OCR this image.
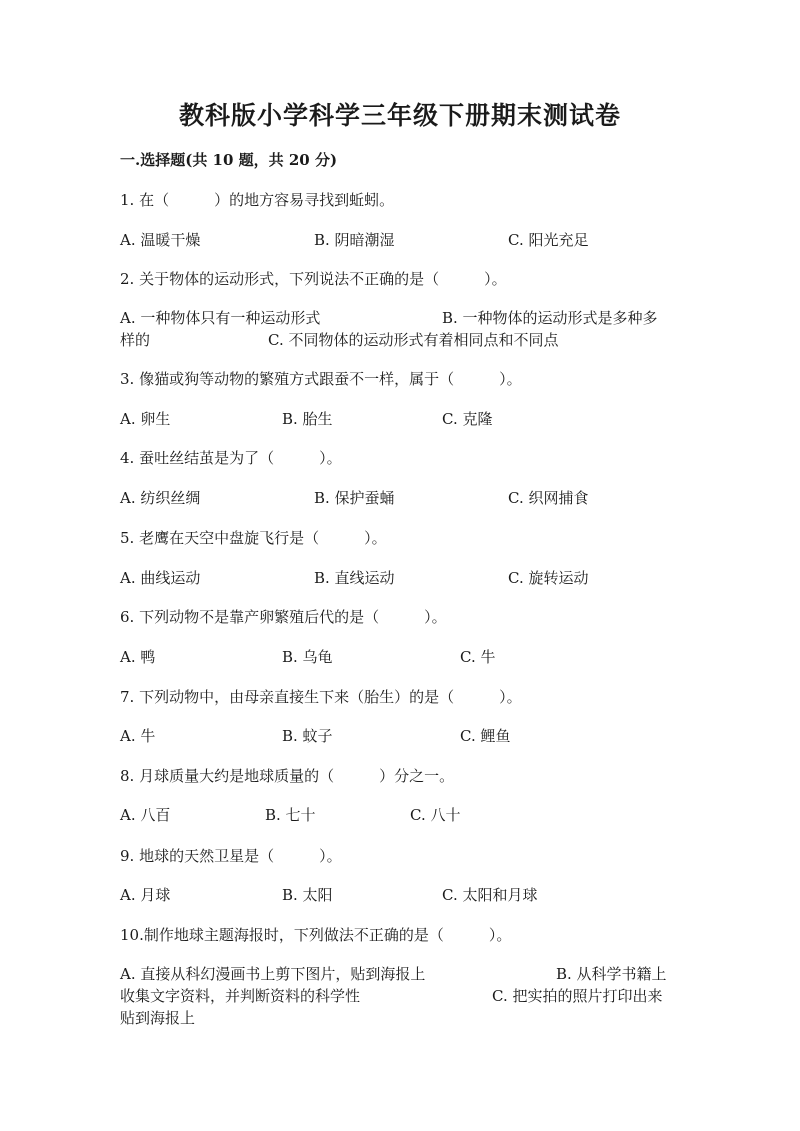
教科版小学科学三年级下册期末测试卷
一.选择题(共 10 题，共 20 分)
1. 在（　　　）的地方容易寻找到蚯蚓。
A. 温暖干燥	B. 阴暗潮湿	C. 阳光充足
2. 关于物体的运动形式，下列说法不正确的是（　　　）。
A. 一种物体只有一种运动形式	B. 一种物体的运动形式是多种多
样的	C. 不同物体的运动形式有着相同点和不同点
3. 像猫或狗等动物的繁殖方式跟蚕不一样，属于（　　　）。
A. 卵生	B. 胎生	C. 克隆
4. 蚕吐丝结茧是为了（　　　）。
A. 纺织丝绸	B. 保护蚕蛹	C. 织网捕食
5. 老鹰在天空中盘旋飞行是（　　　）。
A. 曲线运动	B. 直线运动	C. 旋转运动
6. 下列动物不是靠产卵繁殖后代的是（　　　）。
A. 鸭	B. 乌龟	C. 牛
7. 下列动物中，由母亲直接生下来（胎生）的是（　　　）。
A. 牛	B. 蚊子	C. 鲤鱼
8. 月球质量大约是地球质量的（　　　）分之一。
A. 八百	B. 七十	C. 八十
9. 地球的天然卫星是（　　　）。
A. 月球	B. 太阳	C. 太阳和月球
10.制作地球主题海报时，下列做法不正确的是（　　　）。
A. 直接从科幻漫画书上剪下图片，贴到海报上	B. 从科学书籍上
收集文字资料，并判断资料的科学性	C. 把实拍的照片打印出来
贴到海报上
